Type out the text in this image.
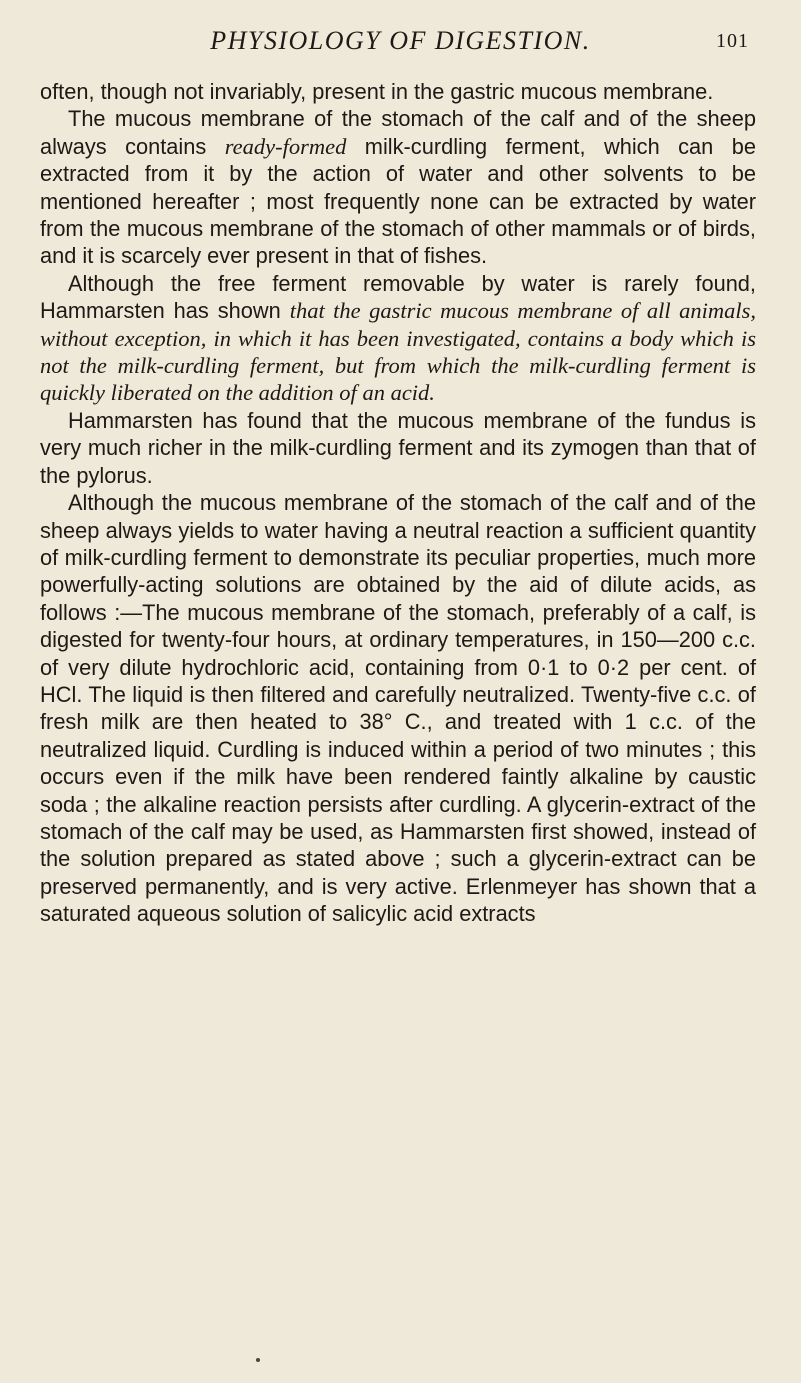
PHYSIOLOGY OF DIGESTION.	101

often, though not invariably, present in the gastric mucous membrane.

The mucous membrane of the stomach of the calf and of the sheep always contains ready-formed milk-curdling ferment, which can be extracted from it by the action of water and other solvents to be mentioned hereafter ; most frequently none can be extracted by water from the mucous membrane of the stomach of other mammals or of birds, and it is scarcely ever present in that of fishes.

Although the free ferment removable by water is rarely found, Hammarsten has shown that the gastric mucous membrane of all animals, without exception, in which it has been investigated, contains a body which is not the milk-curdling ferment, but from which the milk-curdling ferment is quickly liberated on the addition of an acid.

Hammarsten has found that the mucous membrane of the fundus is very much richer in the milk-curdling ferment and its zymogen than that of the pylorus.

Although the mucous membrane of the stomach of the calf and of the sheep always yields to water having a neutral reaction a sufficient quantity of milk-curdling ferment to demonstrate its peculiar properties, much more powerfully-acting solutions are obtained by the aid of dilute acids, as follows :—The mucous membrane of the stomach, preferably of a calf, is digested for twenty-four hours, at ordinary temperatures, in 150—200 c.c. of very dilute hydrochloric acid, containing from 0·1 to 0·2 per cent. of HCl. The liquid is then filtered and carefully neutralized. Twenty-five c.c. of fresh milk are then heated to 38° C., and treated with 1 c.c. of the neutralized liquid. Curdling is induced within a period of two minutes ; this occurs even if the milk have been rendered faintly alkaline by caustic soda ; the alkaline reaction persists after curdling. A glycerin-extract of the stomach of the calf may be used, as Hammarsten first showed, instead of the solution prepared as stated above ; such a glycerin-extract can be preserved permanently, and is very active. Erlenmeyer has shown that a saturated aqueous solution of salicylic acid extracts
